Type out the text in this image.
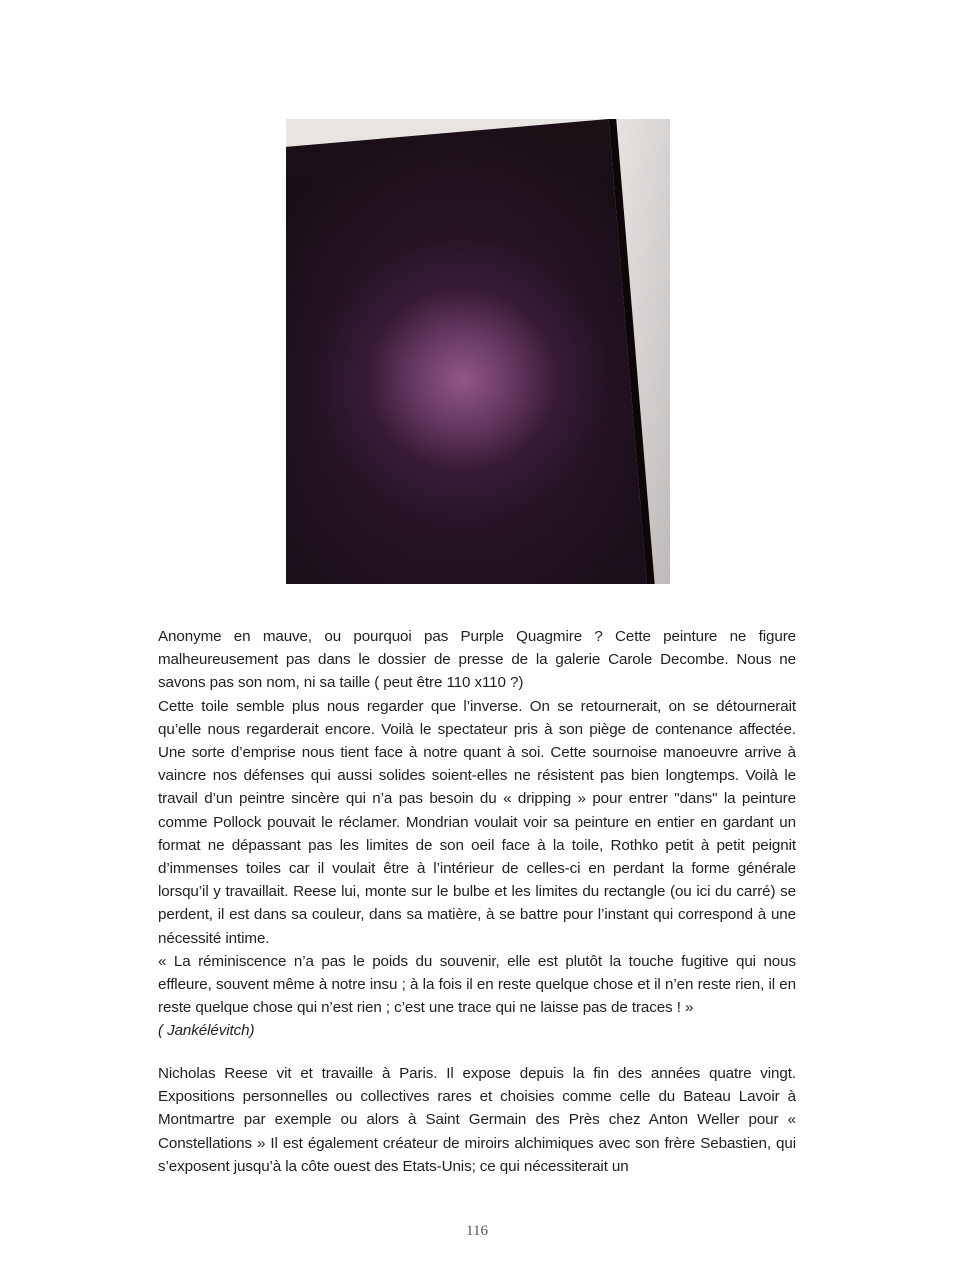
Anonyme en mauve, ou pourquoi pas Purple Quagmire ? Cette peinture ne figure malheureusement pas dans le dossier de presse de la galerie Carole Decombe. Nous ne savons pas son nom, ni sa taille ( peut être 110 x110 ?)

Cette toile semble plus nous regarder que l’inverse. On se retournerait, on se détournerait qu’elle nous regarderait encore. Voilà le spectateur pris à son piège de contenance affectée. Une sorte d’emprise nous tient face à notre quant à soi. Cette sournoise manoeuvre arrive à vaincre nos défenses qui aussi solides soient-elles ne résistent pas bien longtemps. Voilà le travail d’un peintre sincère qui n’a pas besoin du « dripping » pour entrer "dans" la peinture comme Pollock pouvait le réclamer. Mondrian voulait voir sa peinture en entier en gardant un format ne dépassant pas les limites de son oeil face à la toile, Rothko petit à petit peignit d’immenses toiles car il voulait être à l’intérieur de celles-ci en perdant la forme générale lorsqu’il y travaillait. Reese lui, monte sur le bulbe et les limites du rectangle (ou ici du carré) se perdent, il est dans sa couleur, dans sa matière, à se battre pour l’instant qui correspond à une nécessité intime.

« La réminiscence n’a pas le poids du souvenir, elle est plutôt la touche fugitive qui nous effleure, souvent même à notre insu ; à la fois il en reste quelque chose et il n’en reste rien, il en reste quelque chose qui n’est rien ; c’est une trace qui ne laisse pas de traces ! »

( Jankélévitch)

Nicholas Reese vit et travaille à Paris. Il expose depuis la fin des années quatre vingt. Expositions personnelles ou collectives rares et choisies comme celle du Bateau Lavoir à Montmartre par exemple ou alors à Saint Germain des Près chez Anton Weller pour « Constellations » Il est également créateur de miroirs alchimiques avec son frère Sebastien, qui s’exposent jusqu’à la côte ouest des Etats-Unis; ce qui nécessiterait un

116
